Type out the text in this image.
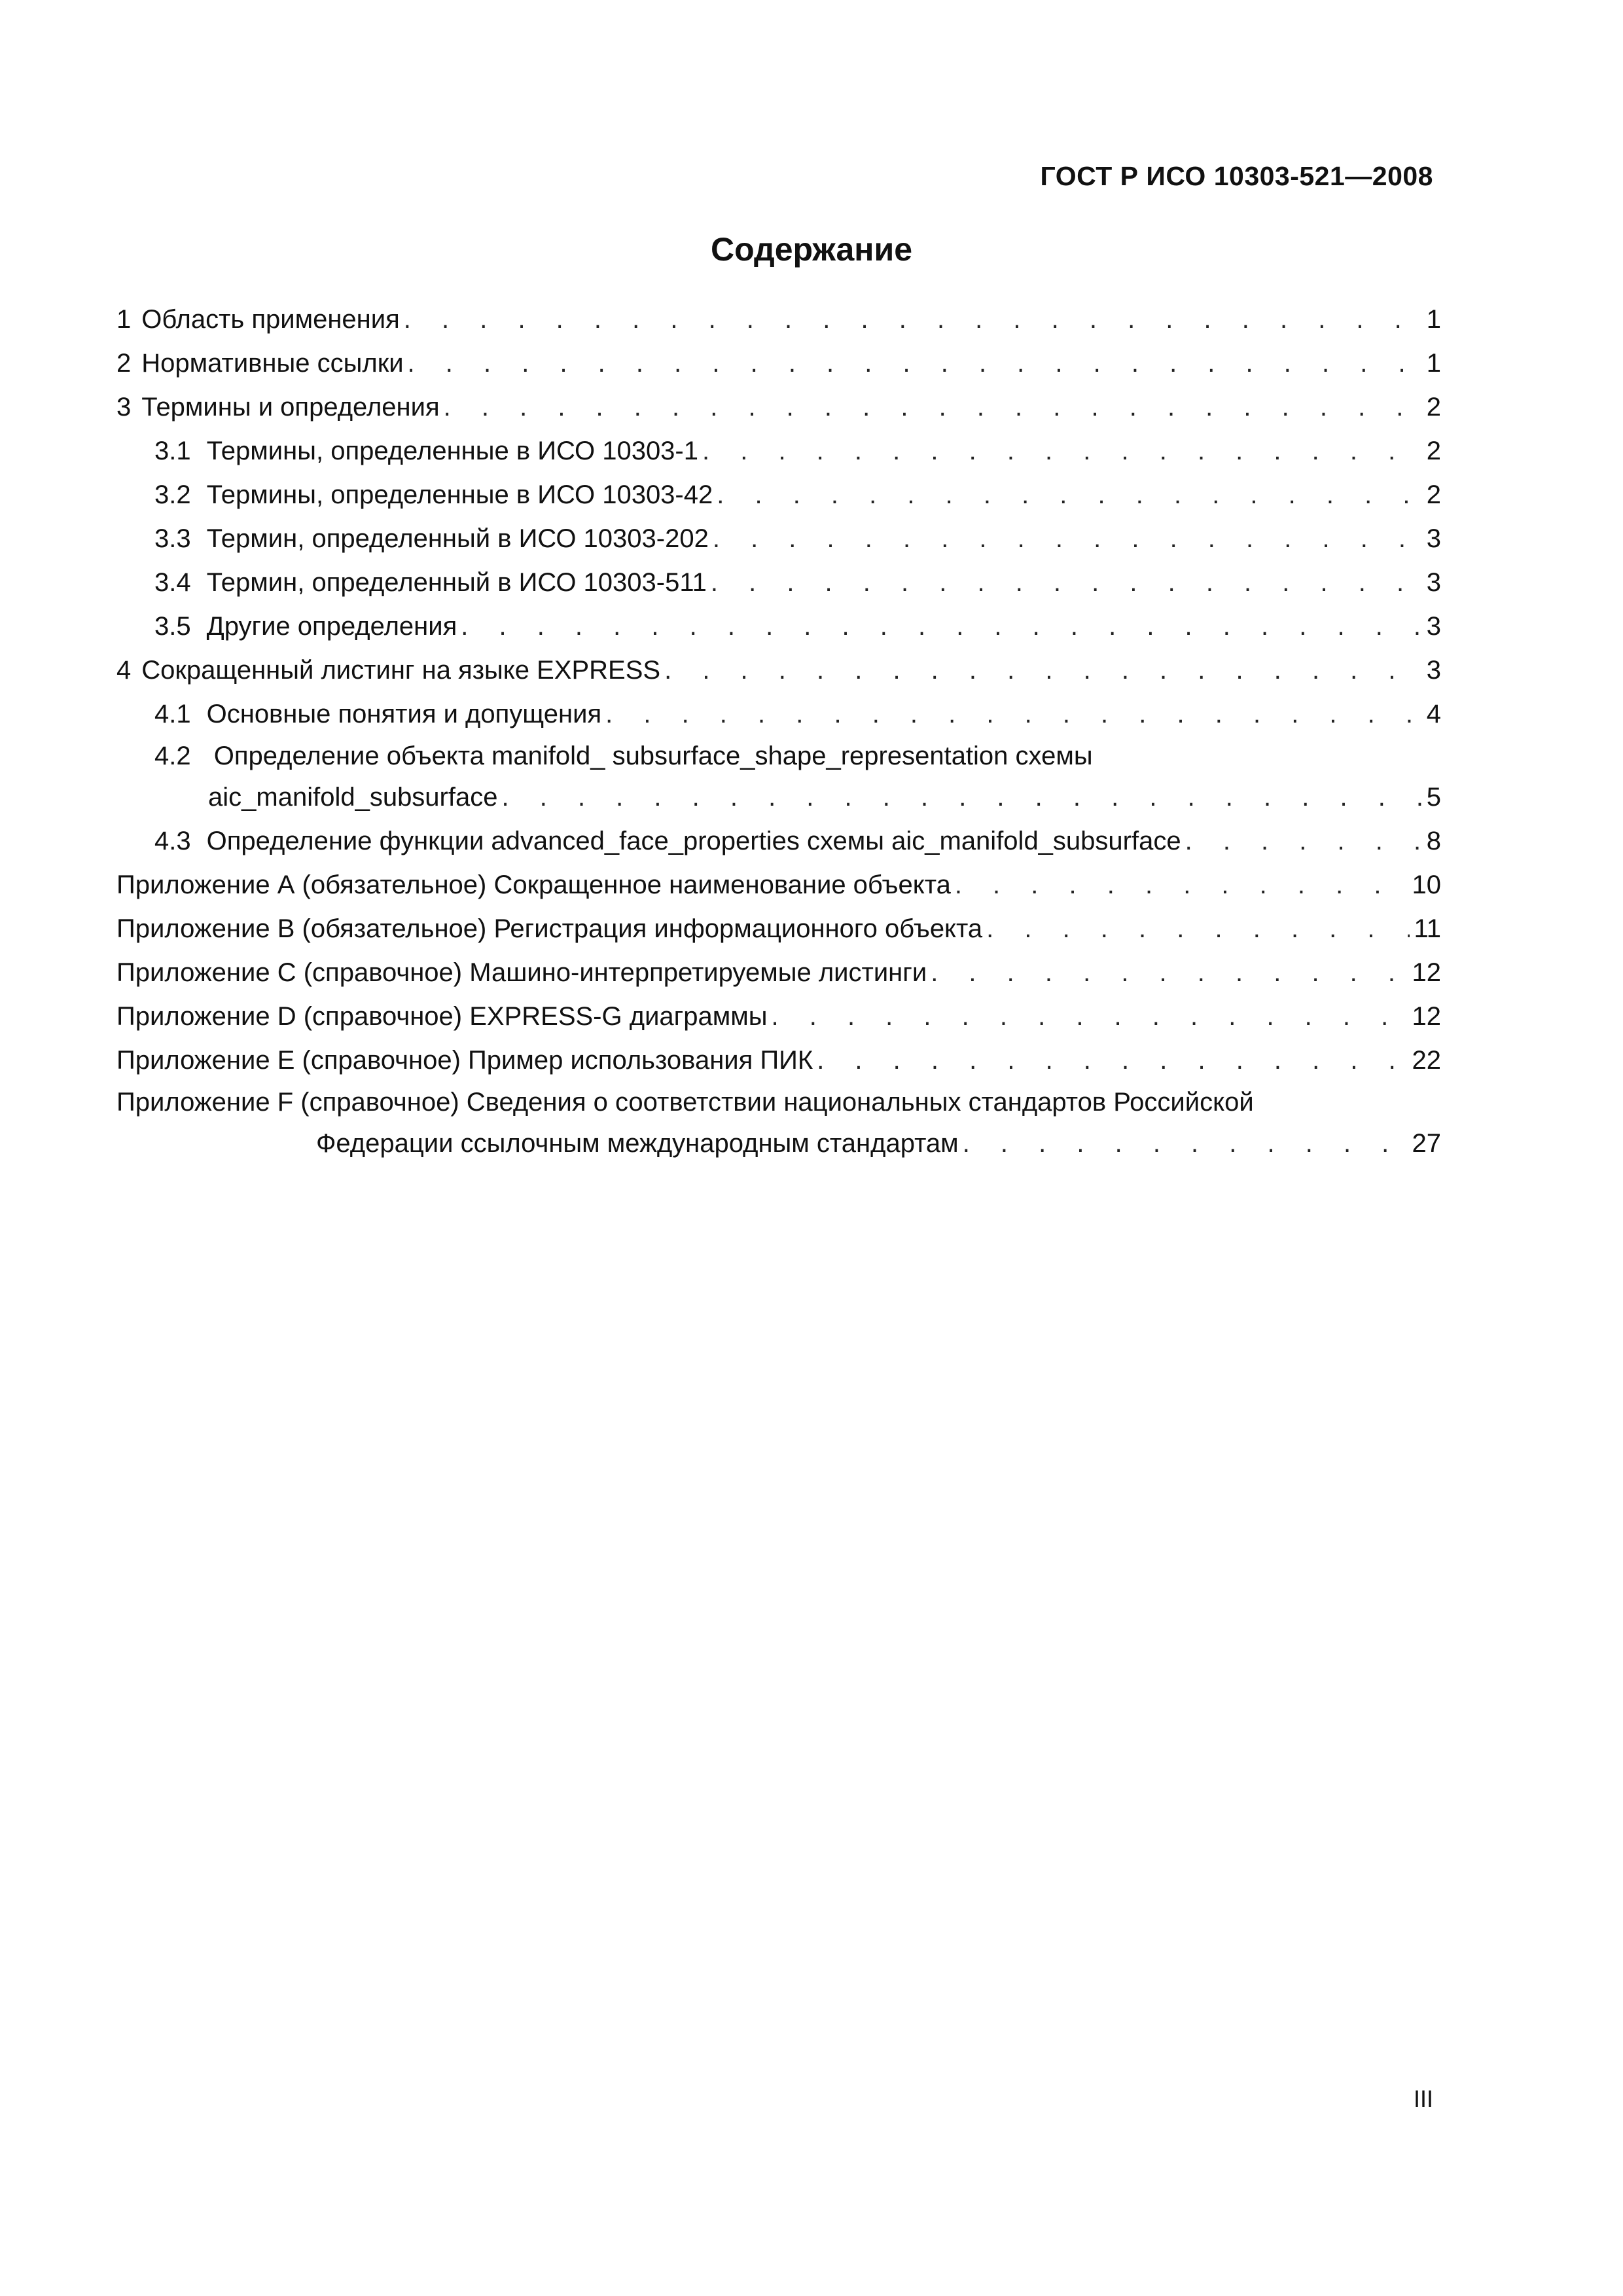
ГОСТ Р ИСО 10303-521—2008
Содержание
1 Область применения . . .	1
2 Нормативные ссылки . . .	1
3 Термины и определения . . .	2
3.1 Термины, определенные в ИСО 10303-1 . . .	2
3.2 Термины, определенные в ИСО 10303-42 . . .	2
3.3 Термин, определенный в ИСО 10303-202 . . .	3
3.4 Термин, определенный в ИСО 10303-511 . . .	3
3.5 Другие определения . . .	3
4 Сокращенный листинг на языке EXPRESS . . .	3
4.1 Основные понятия и допущения . . .	4
4.2 Определение объекта manifold_ subsurface_shape_representation схемы
aic_manifold_subsurface . . .	5
4.3 Определение функции advanced_face_properties схемы aic_manifold_subsurface . . .	8
Приложение А (обязательное) Сокращенное наименование объекта . . .	10
Приложение В (обязательное) Регистрация информационного объекта . . .	11
Приложение С (справочное) Машино-интерпретируемые листинги . . .	12
Приложение D (справочное) EXPRESS-G диаграммы . . .	12
Приложение Е (справочное) Пример использования ПИК . . .	22
Приложение F (справочное) Сведения о соответствии национальных стандартов Российской
Федерации ссылочным международным стандартам . . .	27
III
